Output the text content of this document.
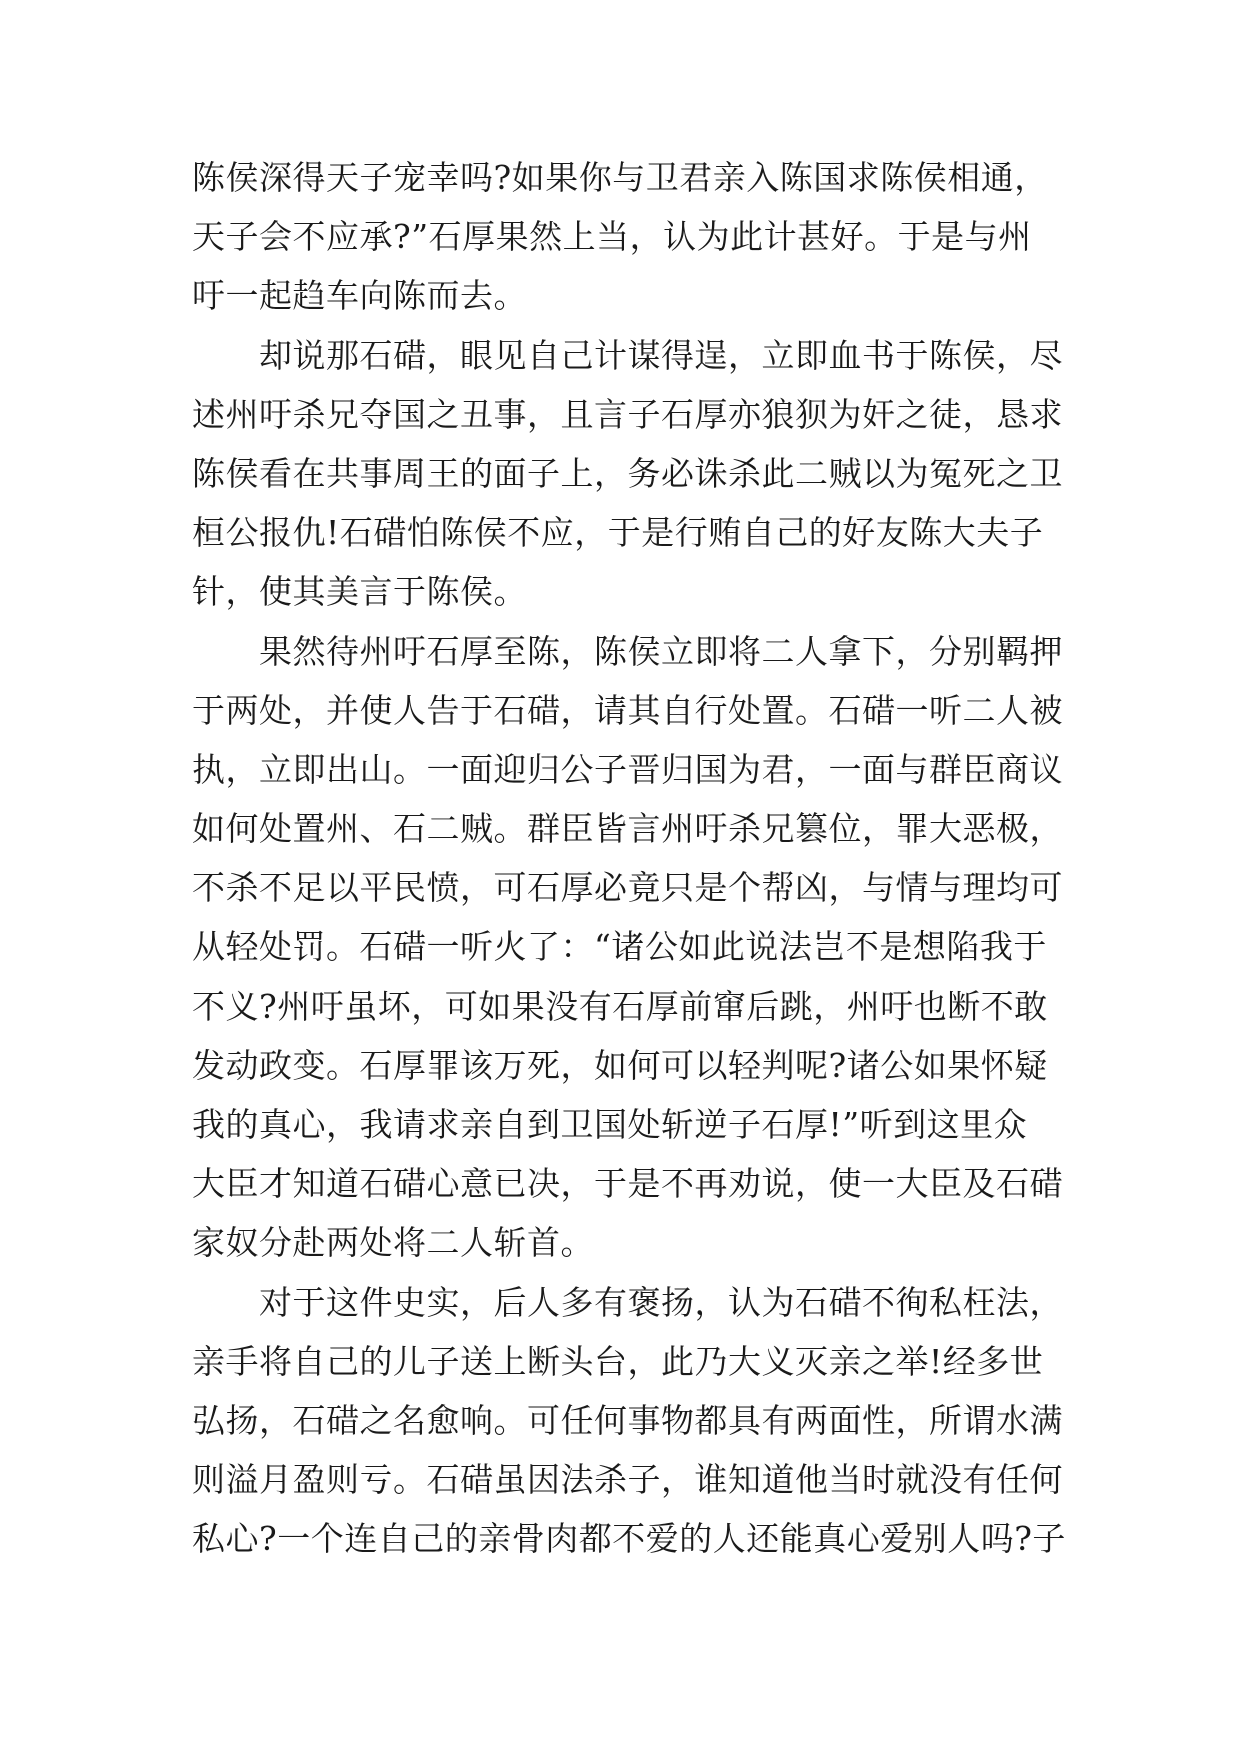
陈侯深得天子宠幸吗?如果你与卫君亲入陈国求陈侯相通，
天子会不应承?”石厚果然上当，认为此计甚好。于是与州
吁一起趋车向陈而去。
　　却说那石碏，眼见自己计谋得逞，立即血书于陈侯，尽
述州吁杀兄夺国之丑事，且言子石厚亦狼狈为奸之徒，恳求
陈侯看在共事周王的面子上，务必诛杀此二贼以为冤死之卫
桓公报仇!石碏怕陈侯不应，于是行贿自己的好友陈大夫子
针，使其美言于陈侯。
　　果然待州吁石厚至陈，陈侯立即将二人拿下，分别羁押
于两处，并使人告于石碏，请其自行处置。石碏一听二人被
执，立即出山。一面迎归公子晋归国为君，一面与群臣商议
如何处置州、石二贼。群臣皆言州吁杀兄篡位，罪大恶极，
不杀不足以平民愤，可石厚必竟只是个帮凶，与情与理均可
从轻处罚。石碏一听火了：“诸公如此说法岂不是想陷我于
不义?州吁虽坏，可如果没有石厚前窜后跳，州吁也断不敢
发动政变。石厚罪该万死，如何可以轻判呢?诸公如果怀疑
我的真心，我请求亲自到卫国处斩逆子石厚!”听到这里众
大臣才知道石碏心意已决，于是不再劝说，使一大臣及石碏
家奴分赴两处将二人斩首。
　　对于这件史实，后人多有褒扬，认为石碏不徇私枉法，
亲手将自己的儿子送上断头台，此乃大义灭亲之举!经多世
弘扬，石碏之名愈响。可任何事物都具有两面性，所谓水满
则溢月盈则亏。石碏虽因法杀子，谁知道他当时就没有任何
私心?一个连自己的亲骨肉都不爱的人还能真心爱别人吗?子
